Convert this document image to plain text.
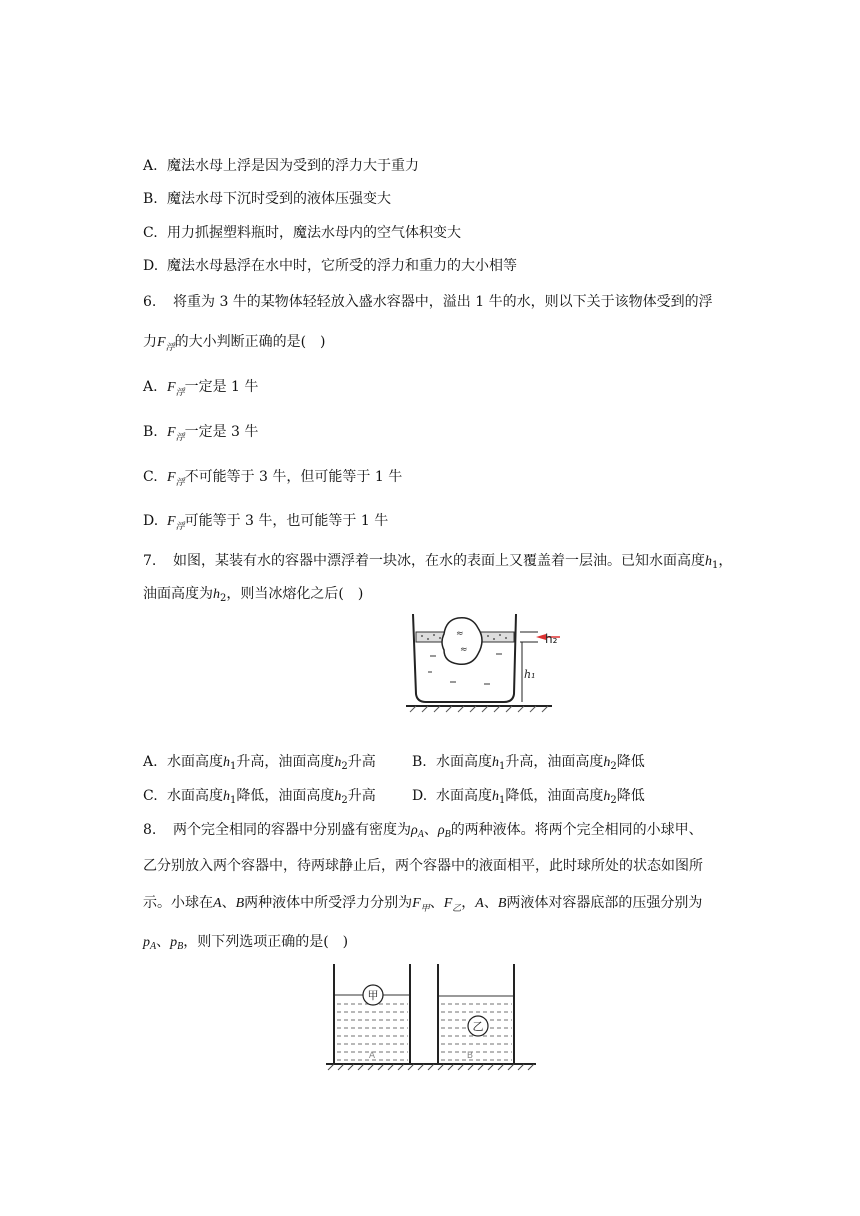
A. 魔法水母上浮是因为受到的浮力大于重力
B. 魔法水母下沉时受到的液体压强变大
C. 用力抓握塑料瓶时，魔法水母内的空气体积变大
D. 魔法水母悬浮在水中时，它所受的浮力和重力的大小相等
6. 将重为 3 牛的某物体轻轻放入盛水容器中，溢出 1 牛的水，则以下关于该物体受到的浮
力$F_浮$的大小判断正确的是(　)
A. $F_浮$一定是 1 牛
B. $F_浮$一定是 3 牛
C. $F_浮$不可能等于 3 牛，但可能等于 1 牛
D. $F_浮$可能等于 3 牛，也可能等于 1 牛
7. 如图，某装有水的容器中漂浮着一块冰，在水的表面上又覆盖着一层油。已知水面高度$h_1$，
油面高度为$h_2$，则当冰熔化之后(　)
≈
≈
h₂
h₁
A. 水面高度$h_1$升高，油面高度$h_2$升高	B. 水面高度$h_1$升高，油面高度$h_2$降低
C. 水面高度$h_1$降低，油面高度$h_2$升高	D. 水面高度$h_1$降低，油面高度$h_2$降低
8. 两个完全相同的容器中分别盛有密度为$\rho_A$、$\rho_B$的两种液体。将两个完全相同的小球甲、
乙分别放入两个容器中，待两球静止后，两个容器中的液面相平，此时球所处的状态如图所
示。小球在A、B两种液体中所受浮力分别为$F_甲$、$F_乙$，A、B两液体对容器底部的压强分别为
$p_A$、$p_B$，则下列选项正确的是(　)
甲
A
乙
B
